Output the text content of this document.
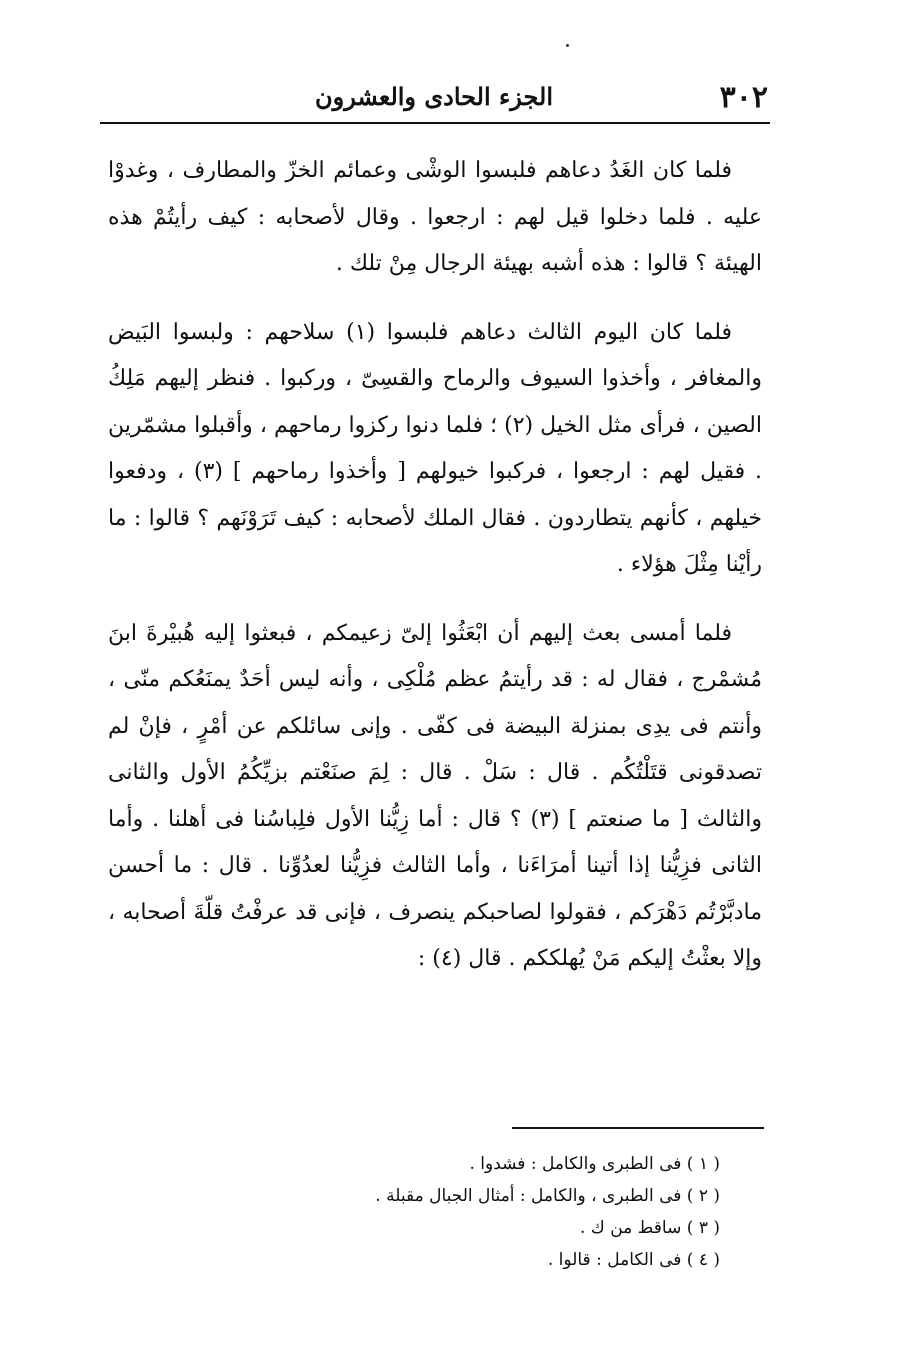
٣٠٢
الجزء الحادى والعشرون

فلما كان الغَدُ دعاهم فلبسوا الوشْى وعمائم الخزّ والمطارف ، وغدوْا عليه . فلما دخلوا قيل لهم : ارجعوا . وقال لأصحابه : كيف رأيتُمْ هذه الهيئة ؟ قالوا : هذه أشبه بهيئة الرجال مِنْ تلك .

فلما كان اليوم الثالث دعاهم فلبسوا (١) سلاحهم : ولبسوا البَيض والمغافر ، وأخذوا السيوف والرماح والقسِىّ ، وركبوا . فنظر إليهم مَلِكُ الصين ، فرأى مثل الخيل (٢) ؛ فلما دنوا ركزوا رماحهم ، وأقبلوا مشمّرين . فقيل لهم : ارجعوا ، فركبوا خيولهم [ وأخذوا رماحهم ] (٣) ، ودفعوا خيلهم ، كأنهم يتطاردون . فقال الملك لأصحابه : كيف تَرَوْنَهم ؟ قالوا : ما رأيْنا مِثْلَ هؤلاء .

فلما أمسى بعث إليهم أن ابْعَثُوا إلىّ زعيمكم ، فبعثوا إليه هُبيْرةَ ابنَ مُشمْرج ، فقال له : قد رأيتمُ عظم مُلْكِى ، وأنه ليس أحَدٌ يمنَعُكم منّى ، وأنتم فى يدِى بمنزلة البيضة فى كفّى . وإنى سائلكم عن أمْرٍ ، فإنْ لم تصدقونى قتَلْتُكُم . قال : سَلْ . قال : لِمَ صنَعْتم بزيِّكُمُ الأول والثانى والثالث [ ما صنعتم ] (٣) ؟ قال : أما زِيُّنا الأول فلِباسُنا فى أهلنا . وأما الثانى فزِيُّنا إذا أتينا أمرَاءَنا ، وأما الثالث فزِيُّنا لعدُوِّنا . قال : ما أحسن مادبَّرْتُم دَهْرَكم ، فقولوا لصاحبكم ينصرف ، فإنى قد عرفْتُ قلّةَ أصحابه ، وإلا بعثْتُ إليكم مَنْ يُهلككم . قال (٤) :

( ١ ) فى الطبرى والكامل : فشدوا .
( ٢ ) فى الطبرى ، والكامل : أمثال الجبال مقبلة .
( ٣ ) ساقط من ك .
( ٤ ) فى الكامل : قالوا .
